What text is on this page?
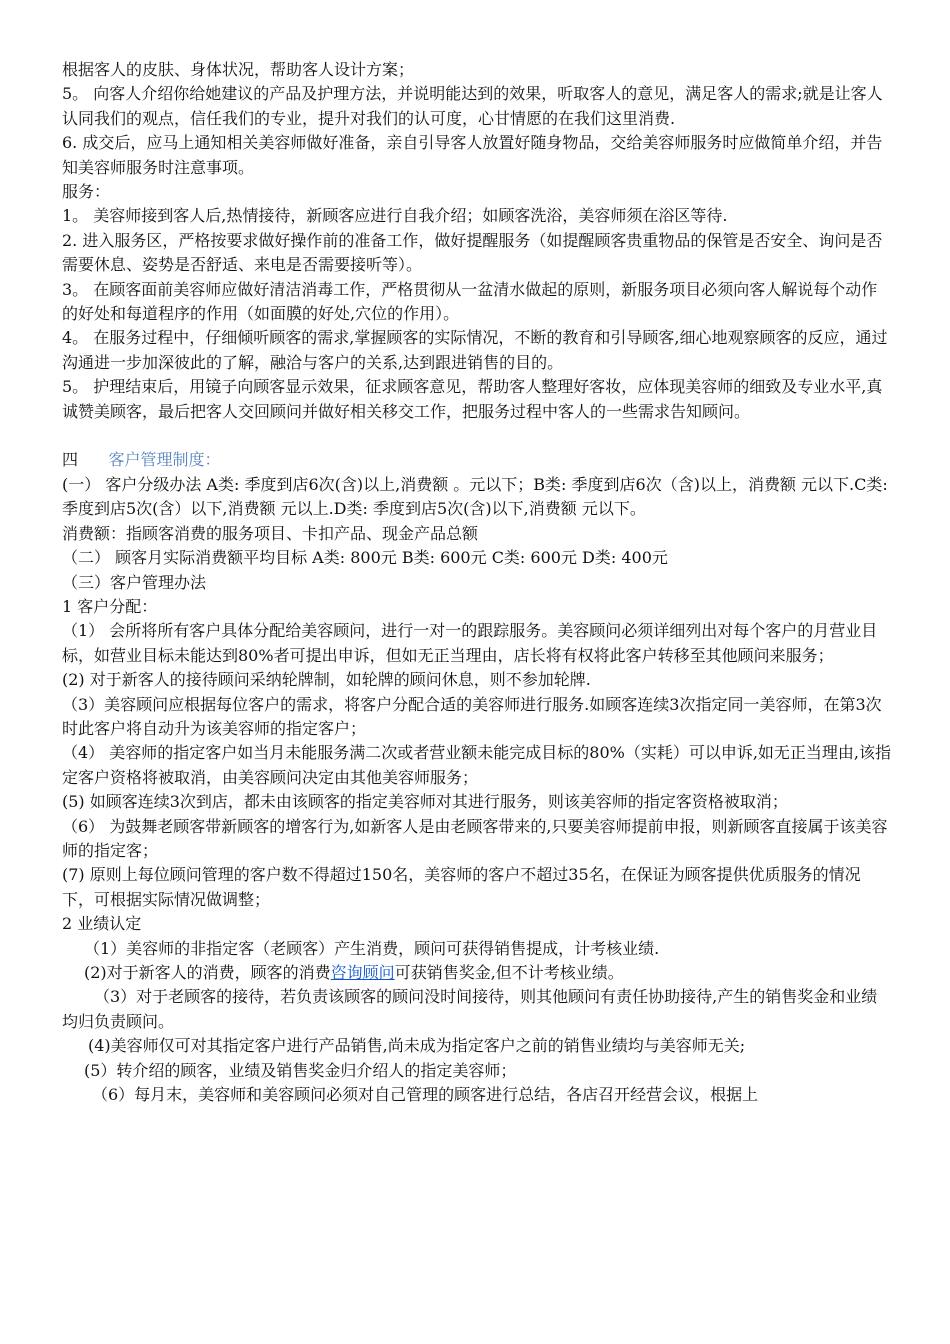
根据客人的皮肤、身体状况，帮助客人设计方案；

5。 向客人介绍你给她建议的产品及护理方法，并说明能达到的效果，听取客人的意见，满足客人的需求;就是让客人认同我们的观点，信任我们的专业，提升对我们的认可度，心甘情愿的在我们这里消费.

6. 成交后，应马上通知相关美容师做好准备，亲自引导客人放置好随身物品，交给美容师服务时应做简单介绍，并告知美容师服务时注意事项。

服务：

1。 美容师接到客人后,热情接待，新顾客应进行自我介绍；如顾客洗浴，美容师须在浴区等待.

2. 进入服务区，严格按要求做好操作前的准备工作，做好提醒服务（如提醒顾客贵重物品的保管是否安全、询问是否需要休息、姿势是否舒适、来电是否需要接听等）。

3。 在顾客面前美容师应做好清洁消毒工作，严格贯彻从一盆清水做起的原则，新服务项目必须向客人解说每个动作的好处和每道程序的作用（如面膜的好处,穴位的作用）。

4。 在服务过程中，仔细倾听顾客的需求,掌握顾客的实际情况，不断的教育和引导顾客,细心地观察顾客的反应，通过沟通进一步加深彼此的了解，融洽与客户的关系,达到跟进销售的目的。

5。 护理结束后，用镜子向顾客显示效果，征求顾客意见，帮助客人整理好客妆，应体现美容师的细致及专业水平,真诚赞美顾客，最后把客人交回顾问并做好相关移交工作，把服务过程中客人的一些需求告知顾问。

四 客户管理制度：

(一） 客户分级办法 A类: 季度到店6次(含)以上,消费额 。元以下；B类: 季度到店6次（含)以上，消费额 元以下.C类: 季度到店5次(含）以下,消费额 元以上.D类: 季度到店5次(含)以下,消费额 元以下。

消费额：指顾客消费的服务项目、卡扣产品、现金产品总额

（二） 顾客月实际消费额平均目标 A类: 800元 B类: 600元 C类: 600元 D类: 400元

（三）客户管理办法

1 客户分配：

（1） 会所将所有客户具体分配给美容顾问，进行一对一的跟踪服务。美容顾问必须详细列出对每个客户的月营业目标，如营业目标未能达到80%者可提出申诉，但如无正当理由，店长将有权将此客户转移至其他顾问来服务；

(2) 对于新客人的接待顾问采纳轮牌制，如轮牌的顾问休息，则不参加轮牌.

（3）美容顾问应根据每位客户的需求，将客户分配合适的美容师进行服务.如顾客连续3次指定同一美容师，在第3次时此客户将自动升为该美容师的指定客户；

（4） 美容师的指定客户如当月未能服务满二次或者营业额未能完成目标的80%（实耗）可以申诉,如无正当理由,该指定客户资格将被取消，由美容顾问决定由其他美容师服务；

(5) 如顾客连续3次到店，都未由该顾客的指定美容师对其进行服务，则该美容师的指定客资格被取消；

（6） 为鼓舞老顾客带新顾客的增客行为,如新客人是由老顾客带来的,只要美容师提前申报，则新顾客直接属于该美容师的指定客；

(7) 原则上每位顾问管理的客户数不得超过150名，美容师的客户不超过35名，在保证为顾客提供优质服务的情况下，可根据实际情况做调整；

2 业绩认定

（1）美容师的非指定客（老顾客）产生消费，顾问可获得销售提成，计考核业绩.

(2)对于新客人的消费，顾客的消费咨询顾问可获销售奖金,但不计考核业绩。

（3）对于老顾客的接待，若负责该顾客的顾问没时间接待，则其他顾问有责任协助接待,产生的销售奖金和业绩均归负责顾问。

(4)美容师仅可对其指定客户进行产品销售,尚未成为指定客户之前的销售业绩均与美容师无关;

(5）转介绍的顾客，业绩及销售奖金归介绍人的指定美容师；

（6）每月末，美容师和美容顾问必须对自己管理的顾客进行总结，各店召开经营会议，根据上
